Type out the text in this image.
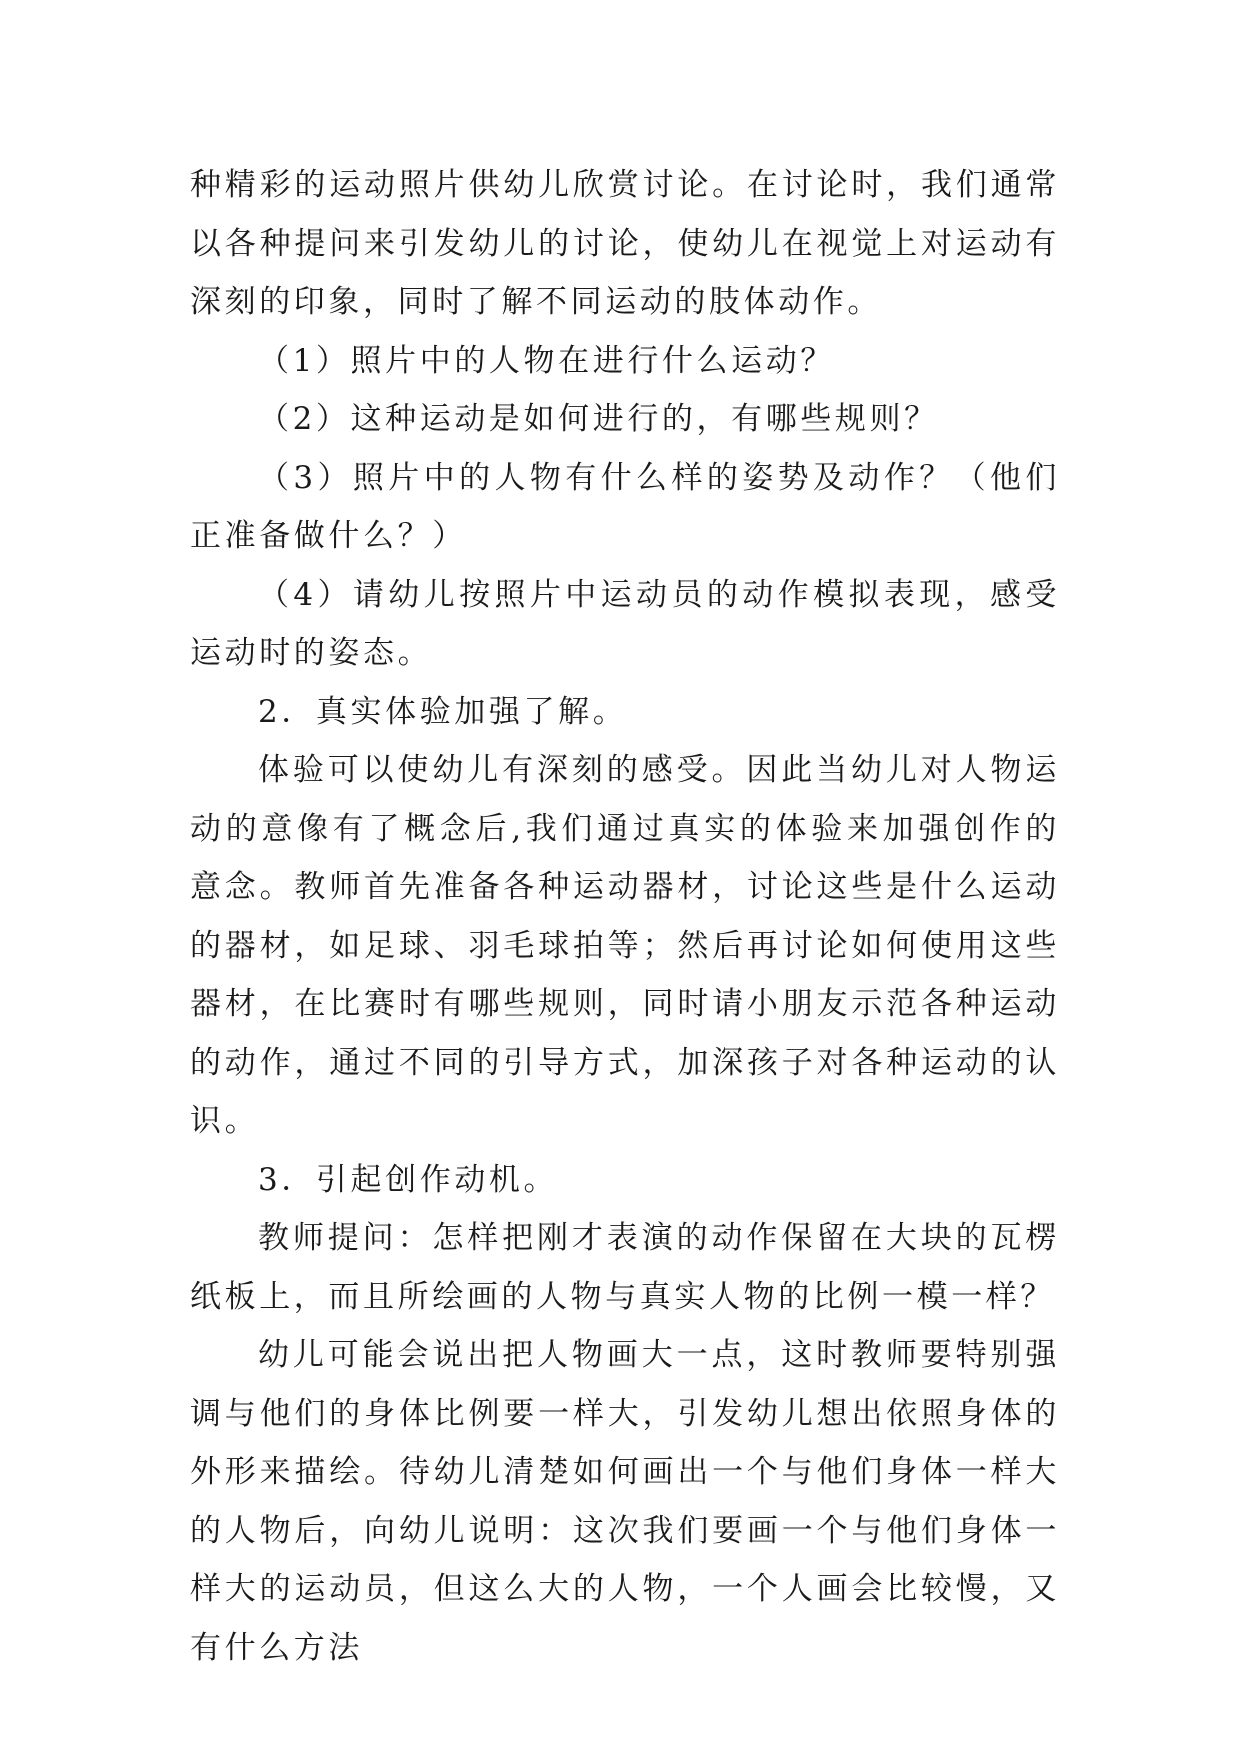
种精彩的运动照片供幼儿欣赏讨论。在讨论时，我们通常以各种提问来引发幼儿的讨论，使幼儿在视觉上对运动有深刻的印象，同时了解不同运动的肢体动作。

（1）照片中的人物在进行什么运动？

（2）这种运动是如何进行的，有哪些规则？

（3）照片中的人物有什么样的姿势及动作？（他们正准备做什么？）

（4）请幼儿按照片中运动员的动作模拟表现，感受运动时的姿态。

2．真实体验加强了解。

体验可以使幼儿有深刻的感受。因此当幼儿对人物运动的意像有了概念后,我们通过真实的体验来加强创作的意念。教师首先准备各种运动器材，讨论这些是什么运动的器材，如足球、羽毛球拍等；然后再讨论如何使用这些器材，在比赛时有哪些规则，同时请小朋友示范各种运动的动作，通过不同的引导方式，加深孩子对各种运动的认识。

3．引起创作动机。

教师提问：怎样把刚才表演的动作保留在大块的瓦楞纸板上，而且所绘画的人物与真实人物的比例一模一样？

幼儿可能会说出把人物画大一点，这时教师要特别强调与他们的身体比例要一样大，引发幼儿想出依照身体的外形来描绘。待幼儿清楚如何画出一个与他们身体一样大的人物后，向幼儿说明：这次我们要画一个与他们身体一样大的运动员，但这么大的人物，一个人画会比较慢，又有什么方法
